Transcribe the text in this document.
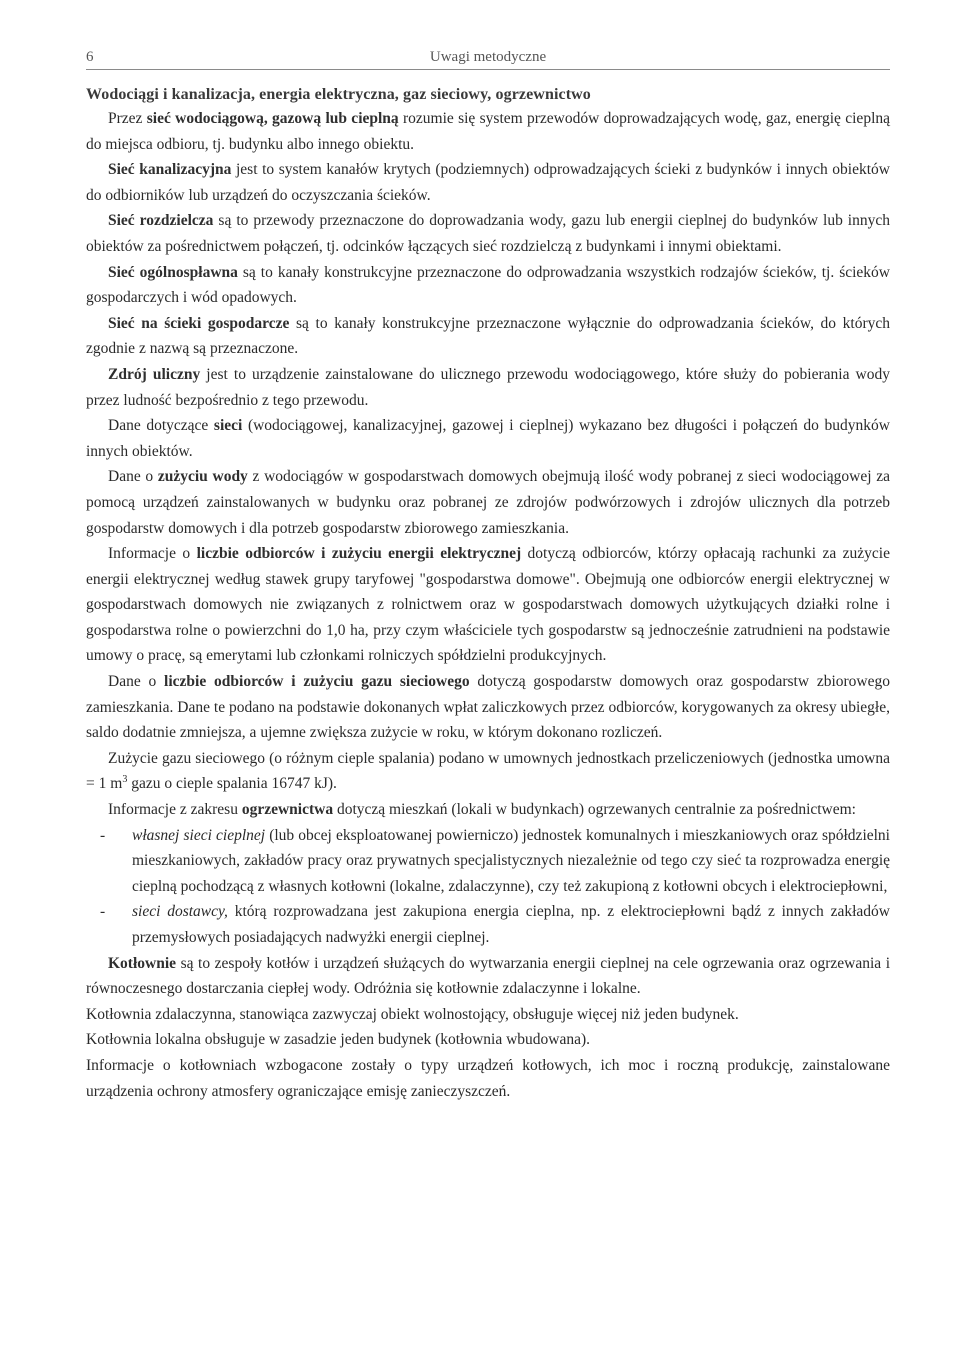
6	Uwagi metodyczne
Wodociągi i kanalizacja, energia elektryczna, gaz sieciowy, ogrzewnictwo

Przez sieć wodociągową, gazową lub cieplną rozumie się system przewodów doprowadzających wodę, gaz, energię cieplną do miejsca odbioru, tj. budynku albo innego obiektu.

Sieć kanalizacyjna jest to system kanałów krytych (podziemnych) odprowadzających ścieki z budynków i innych obiektów do odbiorników lub urządzeń do oczyszczania ścieków.

Sieć rozdzielcza są to przewody przeznaczone do doprowadzania wody, gazu lub energii cieplnej do budynków lub innych obiektów za pośrednictwem połączeń, tj. odcinków łączących sieć rozdzielczą z budynkami i innymi obiektami.

Sieć ogólnospławna są to kanały konstrukcyjne przeznaczone do odprowadzania wszystkich rodzajów ścieków, tj. ścieków gospodarczych i wód opadowych.

Sieć na ścieki gospodarcze są to kanały konstrukcyjne przeznaczone wyłącznie do odprowadzania ścieków, do których zgodnie z nazwą są przeznaczone.

Zdrój uliczny jest to urządzenie zainstalowane do ulicznego przewodu wodociągowego, które służy do pobierania wody przez ludność bezpośrednio z tego przewodu.

Dane dotyczące sieci (wodociągowej, kanalizacyjnej, gazowej i cieplnej) wykazano bez długości i połączeń do budynków innych obiektów.

Dane o zużyciu wody z wodociągów w gospodarstwach domowych obejmują ilość wody pobranej z sieci wodociągowej za pomocą urządzeń zainstalowanych w budynku oraz pobranej ze zdrojów podwórzowych i zdrojów ulicznych dla potrzeb gospodarstw domowych i dla potrzeb gospodarstw zbiorowego zamieszkania.

Informacje o liczbie odbiorców i zużyciu energii elektrycznej dotyczą odbiorców, którzy opłacają rachunki za zużycie energii elektrycznej według stawek grupy taryfowej "gospodarstwa domowe". Obejmują one odbiorców energii elektrycznej w gospodarstwach domowych nie związanych z rolnictwem oraz w gospodarstwach domowych użytkujących działki rolne i gospodarstwa rolne o powierzchni do 1,0 ha, przy czym właściciele tych gospodarstw są jednocześnie zatrudnieni na podstawie umowy o pracę, są emerytami lub członkami rolniczych spółdzielni produkcyjnych.

Dane o liczbie odbiorców i zużyciu gazu sieciowego dotyczą gospodarstw domowych oraz gospodarstw zbiorowego zamieszkania. Dane te podano na podstawie dokonanych wpłat zaliczkowych przez odbiorców, korygowanych za okresy ubiegłe, saldo dodatnie zmniejsza, a ujemne zwiększa zużycie w roku, w którym dokonano rozliczeń.

Zużycie gazu sieciowego (o różnym cieple spalania) podano w umownych jednostkach przeliczeniowych (jednostka umowna = 1 $m^3$ gazu o cieple spalania 16747 kJ).

Informacje z zakresu ogrzewnictwa dotyczą mieszkań (lokali w budynkach) ogrzewanych centralnie za pośrednictwem:

- własnej sieci cieplnej (lub obcej eksploatowanej powierniczo) jednostek komunalnych i mieszkaniowych oraz spółdzielni mieszkaniowych, zakładów pracy oraz prywatnych specjalistycznych niezależnie od tego czy sieć ta rozprowadza energię cieplną pochodzącą z własnych kotłowni (lokalne, zdalaczynne), czy też zakupioną z kotłowni obcych i elektrociepłowni,
- sieci dostawcy, którą rozprowadzana jest zakupiona energia cieplna, np. z elektrociepłowni bądź z innych zakładów przemysłowych posiadających nadwyżki energii cieplnej.

Kotłownie są to zespoły kotłów i urządzeń służących do wytwarzania energii cieplnej na cele ogrzewania oraz ogrzewania i równoczesnego dostarczania ciepłej wody. Odróżnia się kotłownie zdalaczynne i lokalne.

Kotłownia zdalaczynna, stanowiąca zazwyczaj obiekt wolnostojący, obsługuje więcej niż jeden budynek.

Kotłownia lokalna obsługuje w zasadzie jeden budynek (kotłownia wbudowana).

Informacje o kotłowniach wzbogacone zostały o typy urządzeń kotłowych, ich moc i roczną produkcję, zainstalowane urządzenia ochrony atmosfery ograniczające emisję zanieczyszczeń.
